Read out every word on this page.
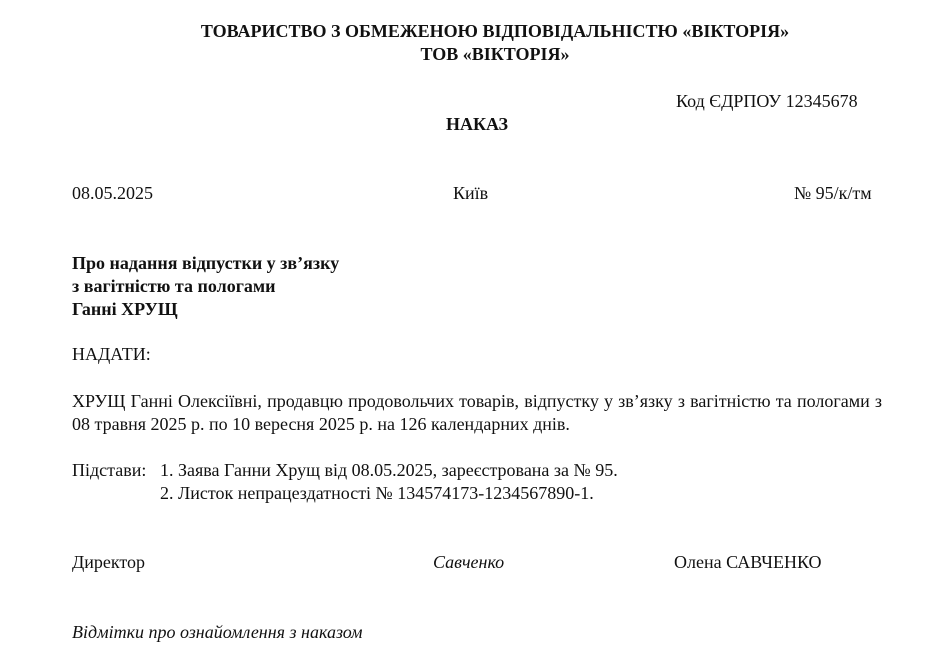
ТОВАРИСТВО З ОБМЕЖЕНОЮ ВІДПОВІДАЛЬНІСТЮ «ВІКТОРІЯ»
ТОВ «ВІКТОРІЯ»
Код ЄДРПОУ 12345678
НАКАЗ
08.05.2025	Київ	№ 95/к/тм
Про надання відпустки у зв’язку
з вагітністю та пологами
Ганні ХРУЩ
НАДАТИ:
ХРУЩ Ганні Олексіївні, продавцю продовольчих товарів, відпустку у зв’язку з вагітністю та пологами з 08 травня 2025 р. по 10 вересня 2025 р. на 126 календарних днів.
Підстави: 1. Заява Ганни Хрущ від 08.05.2025, зареєстрована за № 95.
2. Листок непрацездатності № 134574173-1234567890-1.
Директор	Савченко	Олена САВЧЕНКО
Відмітки про ознайомлення з наказом
